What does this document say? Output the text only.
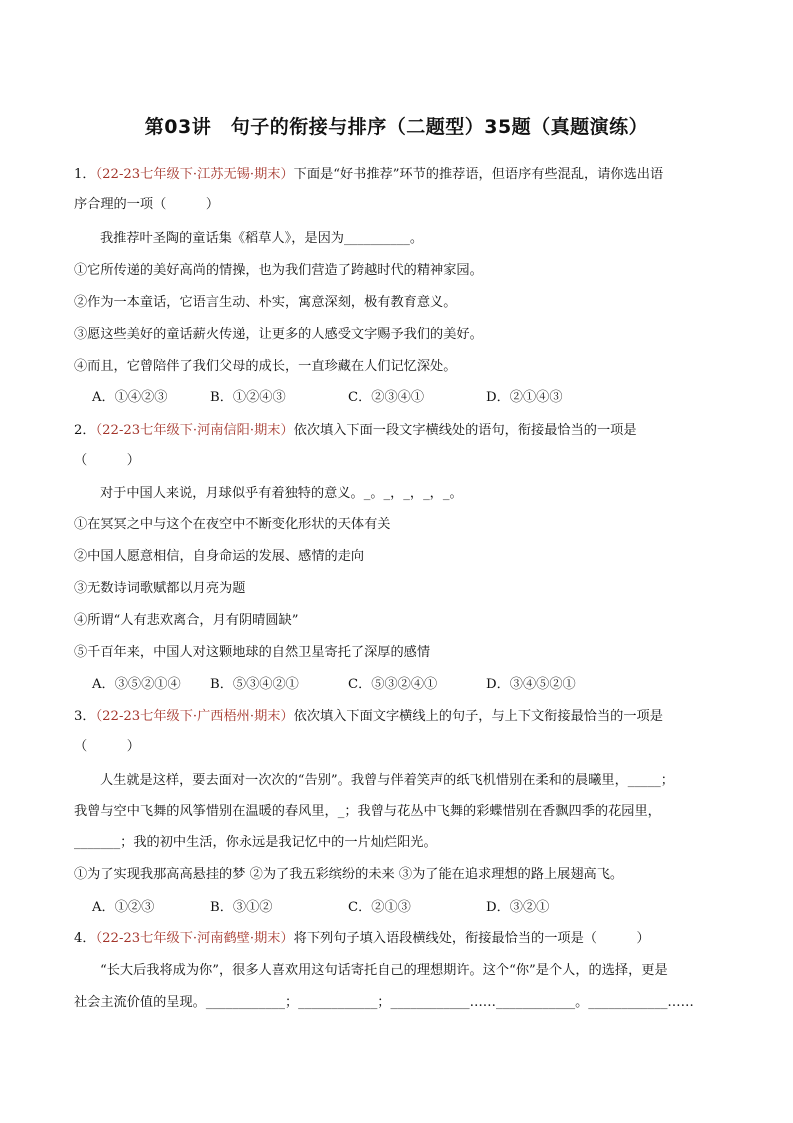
第03讲　句子的衔接与排序（二题型）35题（真题演练）
1．（22-23七年级下·江苏无锡·期末）下面是“好书推荐”环节的推荐语，但语序有些混乱，请你选出语
序合理的一项（　　　）
我推荐叶圣陶的童话集《稻草人》，是因为__________。
①它所传递的美好高尚的情操，也为我们营造了跨越时代的精神家园。
②作为一本童话，它语言生动、朴实，寓意深刻，极有教育意义。
③愿这些美好的童话薪火传递，让更多的人感受文字赐予我们的美好。
④而且，它曾陪伴了我们父母的成长，一直珍藏在人们记忆深处。
A．①④②③	B．①②④③	C．②③④①	D．②①④③
2．（22-23七年级下·河南信阳·期末）依次填入下面一段文字横线处的语句，衔接最恰当的一项是
（　　　）
对于中国人来说，月球似乎有着独特的意义。_。_，_，_，_。
①在冥冥之中与这个在夜空中不断变化形状的天体有关
②中国人愿意相信，自身命运的发展、感情的走向
③无数诗词歌赋都以月亮为题
④所谓“人有悲欢离合，月有阴晴圆缺”
⑤千百年来，中国人对这颗地球的自然卫星寄托了深厚的感情
A．③⑤②①④ B．⑤③④②①	C．⑤③②④①	D．③④⑤②①
3．（22-23七年级下·广西梧州·期末）依次填入下面文字横线上的句子，与上下文衔接最恰当的一项是
（　　　）
人生就是这样，要去面对一次次的“告别”。我曾与伴着笑声的纸飞机惜别在柔和的晨曦里，_____；
我曾与空中飞舞的风筝惜别在温暖的春风里，_；我曾与花丛中飞舞的彩蝶惜别在香飘四季的花园里，
_______；我的初中生活，你永远是我记忆中的一片灿烂阳光。
①为了实现我那高高悬挂的梦 ②为了我五彩缤纷的未来 ③为了能在追求理想的路上展翅高飞。
A．①②③	B．③①②	C．②①③	D．③②①
4．（22-23七年级下·河南鹤壁·期末）将下列句子填入语段横线处，衔接最恰当的一项是（　　　）
“长大后我将成为你”，很多人喜欢用这句话寄托自己的理想期许。这个“你”是个人，的选择，更是
社会主流价值的呈现。____________；____________；____________……____________。____________……
